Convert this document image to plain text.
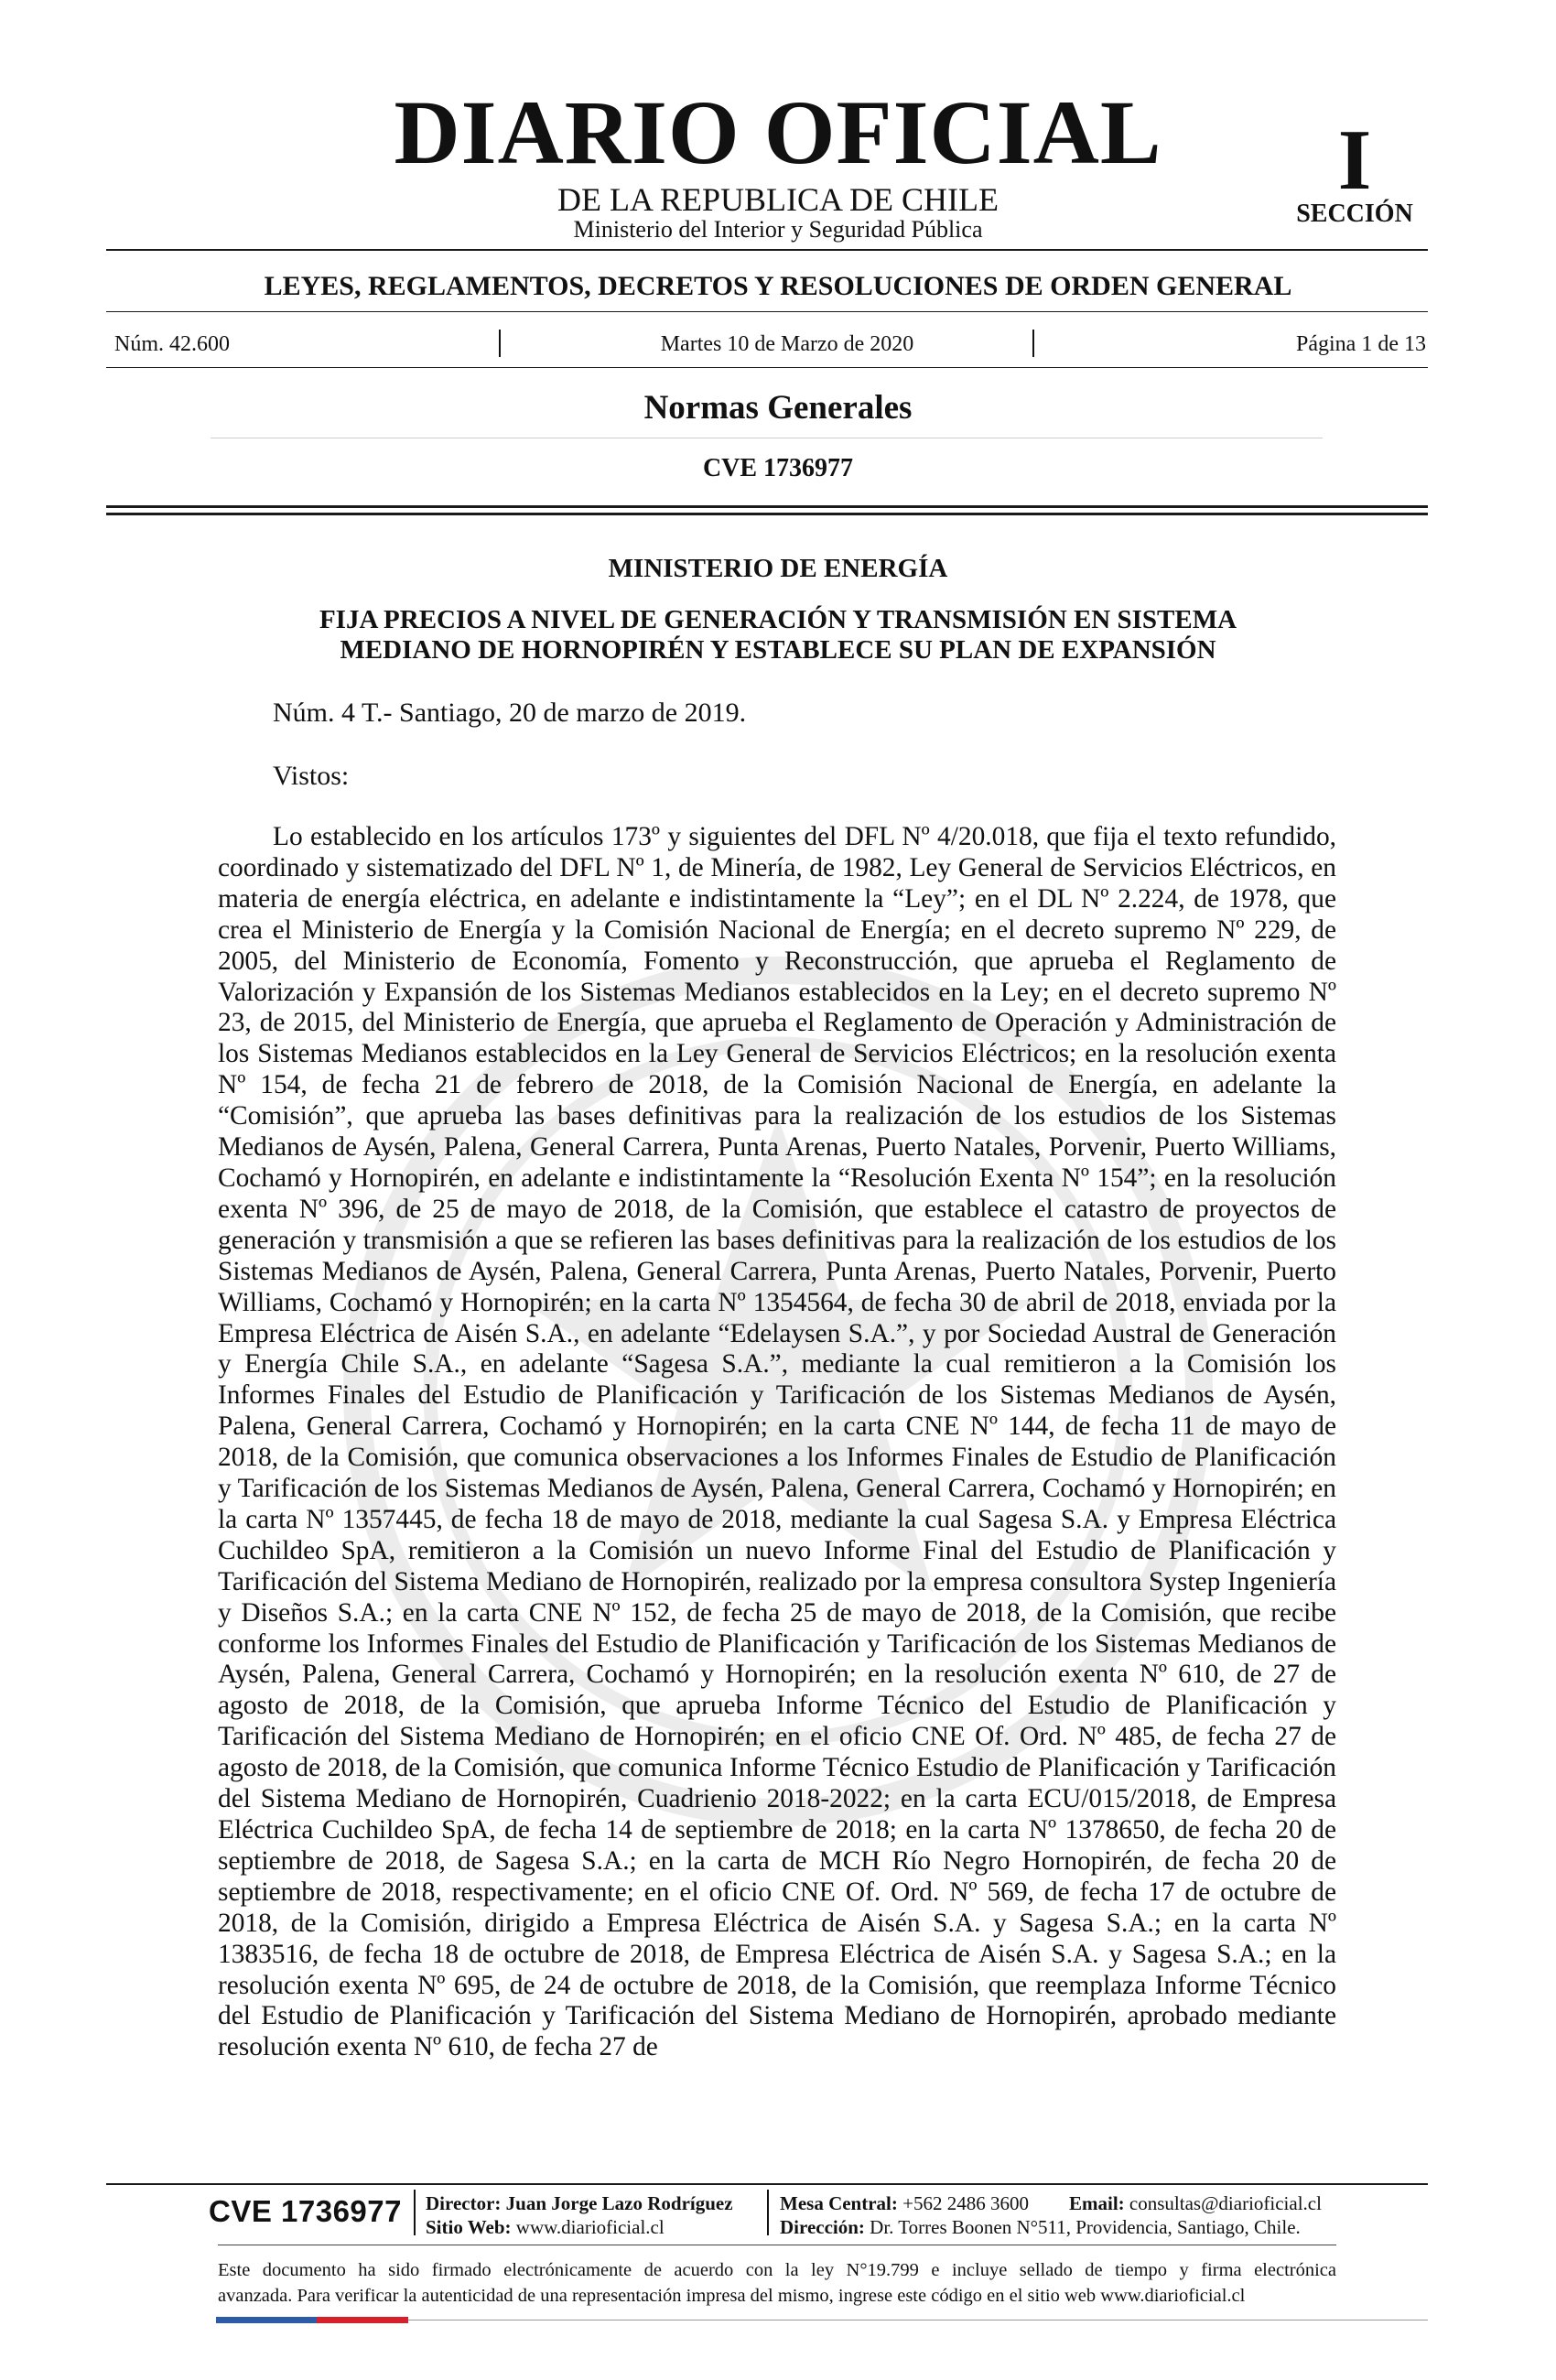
DIARIO OFICIAL
DE LA REPUBLICA DE CHILE
Ministerio del Interior y Seguridad Pública
I
SECCIÓN
LEYES, REGLAMENTOS, DECRETOS Y RESOLUCIONES DE ORDEN GENERAL
Núm. 42.600	Martes 10 de Marzo de 2020	Página 1 de 13
Normas Generales
CVE 1736977
MINISTERIO DE ENERGÍA
FIJA PRECIOS A NIVEL DE GENERACIÓN Y TRANSMISIÓN EN SISTEMA
MEDIANO DE HORNOPIRÉN Y ESTABLECE SU PLAN DE EXPANSIÓN
Núm. 4 T.- Santiago, 20 de marzo de 2019.
Vistos:
Lo establecido en los artículos 173º y siguientes del DFL Nº 4/20.018, que fija el texto refundido, coordinado y sistematizado del DFL Nº 1, de Minería, de 1982, Ley General de Servicios Eléctricos, en materia de energía eléctrica, en adelante e indistintamente la “Ley”; en el DL Nº 2.224, de 1978, que crea el Ministerio de Energía y la Comisión Nacional de Energía; en el decreto supremo Nº 229, de 2005, del Ministerio de Economía, Fomento y Reconstrucción, que aprueba el Reglamento de Valorización y Expansión de los Sistemas Medianos establecidos en la Ley; en el decreto supremo Nº 23, de 2015, del Ministerio de Energía, que aprueba el Reglamento de Operación y Administración de los Sistemas Medianos establecidos en la Ley General de Servicios Eléctricos; en la resolución exenta Nº 154, de fecha 21 de febrero de 2018, de la Comisión Nacional de Energía, en adelante la “Comisión”, que aprueba las bases definitivas para la realización de los estudios de los Sistemas Medianos de Aysén, Palena, General Carrera, Punta Arenas, Puerto Natales, Porvenir, Puerto Williams, Cochamó y Hornopirén, en adelante e indistintamente la “Resolución Exenta Nº 154”; en la resolución exenta Nº 396, de 25 de mayo de 2018, de la Comisión, que establece el catastro de proyectos de generación y transmisión a que se refieren las bases definitivas para la realización de los estudios de los Sistemas Medianos de Aysén, Palena, General Carrera, Punta Arenas, Puerto Natales, Porvenir, Puerto Williams, Cochamó y Hornopirén; en la carta Nº 1354564, de fecha 30 de abril de 2018, enviada por la Empresa Eléctrica de Aisén S.A., en adelante “Edelaysen S.A.”, y por Sociedad Austral de Generación y Energía Chile S.A., en adelante “Sagesa S.A.”, mediante la cual remitieron a la Comisión los Informes Finales del Estudio de Planificación y Tarificación de los Sistemas Medianos de Aysén, Palena, General Carrera, Cochamó y Hornopirén; en la carta CNE Nº 144, de fecha 11 de mayo de 2018, de la Comisión, que comunica observaciones a los Informes Finales de Estudio de Planificación y Tarificación de los Sistemas Medianos de Aysén, Palena, General Carrera, Cochamó y Hornopirén; en la carta Nº 1357445, de fecha 18 de mayo de 2018, mediante la cual Sagesa S.A. y Empresa Eléctrica Cuchildeo SpA, remitieron a la Comisión un nuevo Informe Final del Estudio de Planificación y Tarificación del Sistema Mediano de Hornopirén, realizado por la empresa consultora Systep Ingeniería y Diseños S.A.; en la carta CNE Nº 152, de fecha 25 de mayo de 2018, de la Comisión, que recibe conforme los Informes Finales del Estudio de Planificación y Tarificación de los Sistemas Medianos de Aysén, Palena, General Carrera, Cochamó y Hornopirén; en la resolución exenta Nº 610, de 27 de agosto de 2018, de la Comisión, que aprueba Informe Técnico del Estudio de Planificación y Tarificación del Sistema Mediano de Hornopirén; en el oficio CNE Of. Ord. Nº 485, de fecha 27 de agosto de 2018, de la Comisión, que comunica Informe Técnico Estudio de Planificación y Tarificación del Sistema Mediano de Hornopirén, Cuadrienio 2018-2022; en la carta ECU/015/2018, de Empresa Eléctrica Cuchildeo SpA, de fecha 14 de septiembre de 2018; en la carta Nº 1378650, de fecha 20 de septiembre de 2018, de Sagesa S.A.; en la carta de MCH Río Negro Hornopirén, de fecha 20 de septiembre de 2018, respectivamente; en el oficio CNE Of. Ord. Nº 569, de fecha 17 de octubre de 2018, de la Comisión, dirigido a Empresa Eléctrica de Aisén S.A. y Sagesa S.A.; en la carta Nº 1383516, de fecha 18 de octubre de 2018, de Empresa Eléctrica de Aisén S.A. y Sagesa S.A.; en la resolución exenta Nº 695, de 24 de octubre de 2018, de la Comisión, que reemplaza Informe Técnico del Estudio de Planificación y Tarificación del Sistema Mediano de Hornopirén, aprobado mediante resolución exenta Nº 610, de fecha 27 de
CVE 1736977 Director: Juan Jorge Lazo Rodríguez
Sitio Web: www.diarioficial.cl
Mesa Central: +562 2486 3600 Email: consultas@diarioficial.cl
Dirección: Dr. Torres Boonen N°511, Providencia, Santiago, Chile.
Este documento ha sido firmado electrónicamente de acuerdo con la ley N°19.799 e incluye sellado de tiempo y firma electrónica
avanzada. Para verificar la autenticidad de una representación impresa del mismo, ingrese este código en el sitio web www.diarioficial.cl
